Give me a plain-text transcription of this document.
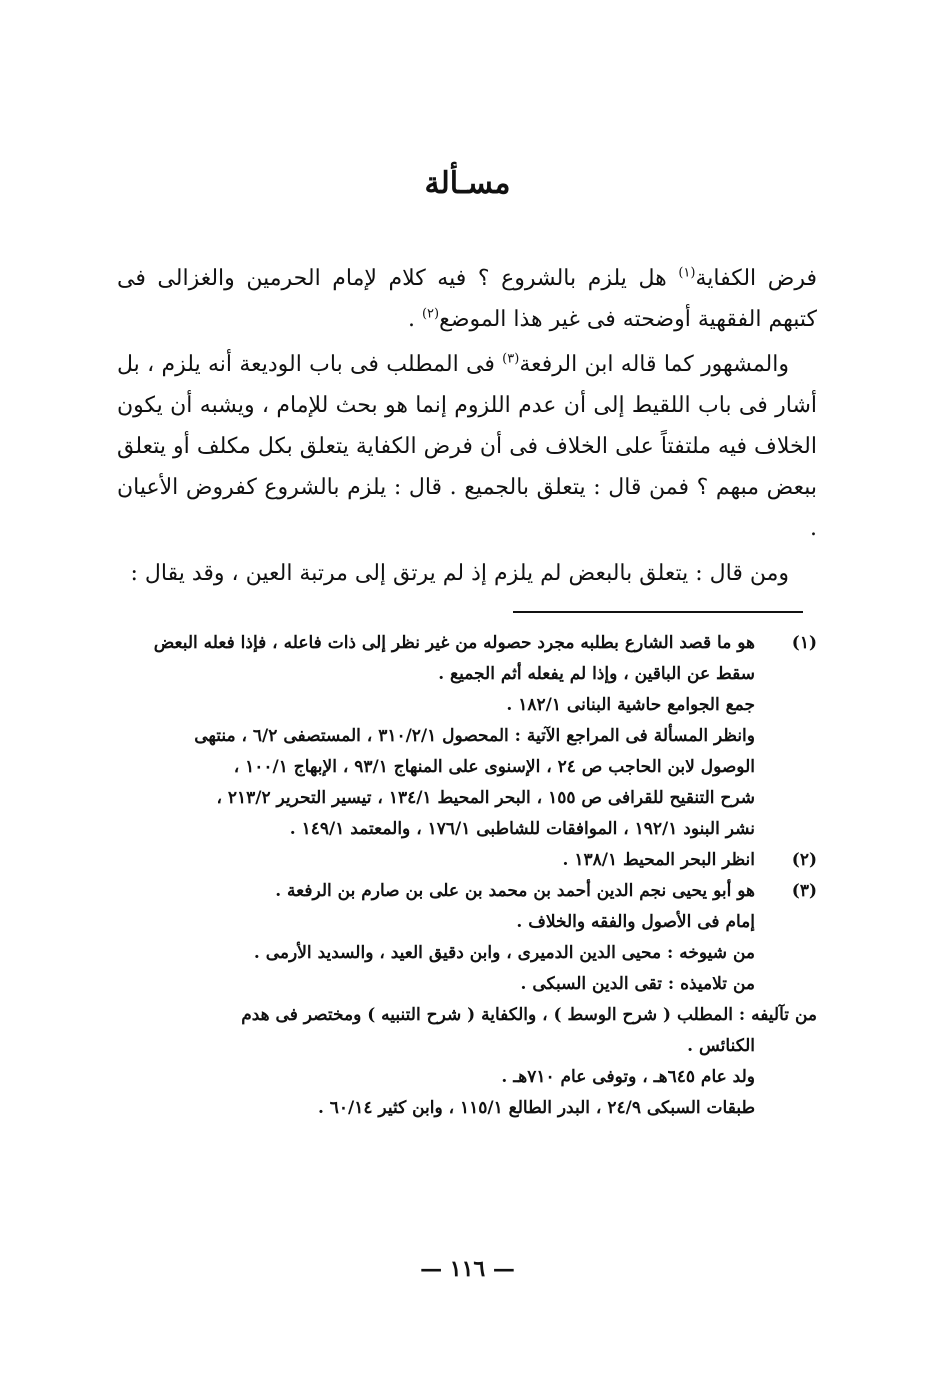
مسـألة

فرض الكفاية$^{(١)}$ هل يلزم بالشروع ؟ فيه كلام لإمام الحرمين والغزالى فى كتبهم الفقهية أوضحته فى غير هذا الموضع$^{(٢)}$ .

والمشهور كما قاله ابن الرفعة$^{(٣)}$ فى المطلب فى باب الوديعة أنه يلزم ، بل أشار فى باب اللقيط إلى أن عدم اللزوم إنما هو بحث للإمام ، ويشبه أن يكون الخلاف فيه ملتفتاً على الخلاف فى أن فرض الكفاية يتعلق بكل مكلف أو يتعلق ببعض مبهم ؟ فمن قال : يتعلق بالجميع . قال : يلزم بالشروع كفروض الأعيان .

ومن قال : يتعلق بالبعض لم يلزم إذ لم يرتق إلى مرتبة العين ، وقد يقال :

(١)
هو ما قصد الشارع بطلبه مجرد حصوله من غير نظر إلى ذات فاعله ، فإذا فعله البعض
سقط عن الباقين ، وإذا لم يفعله أثم الجميع .
جمع الجوامع حاشية البنانى ١٨٢/١ .
وانظر المسألة فى المراجع الآتية : المحصول ٣١٠/٢/١ ، المستصفى ٦/٢ ، منتهى
الوصول لابن الحاجب ص ٢٤ ، الإسنوى على المنهاج ٩٣/١ ، الإبهاج ١٠٠/١ ،
شرح التنقيح للقرافى ص ١٥٥ ، البحر المحيط ١٣٤/١ ، تيسير التحرير ٢١٣/٢ ،
نشر البنود ١٩٢/١ ، الموافقات للشاطبى ١٧٦/١ ، والمعتمد ١٤٩/١ .
(٢)
انظر البحر المحيط ١٣٨/١ .
(٣)
هو أبو يحيى نجم الدين أحمد بن محمد بن على بن صارم بن الرفعة .
إمام فى الأصول والفقه والخلاف .
من شيوخه : محيى الدين الدميرى ، وابن دقيق العيد ، والسديد الأرمى .
من تلاميذه : تقى الدين السبكى .
من تآليفه : المطلب ( شرح الوسط ) ، والكفاية ( شرح التنبيه ) ومختصر فى هدم
الكنائس .
ولد عام ٦٤٥هـ ، وتوفى عام ٧١٠هـ .
طبقات السبكى ٢٤/٩ ، البدر الطالع ١١٥/١ ، وابن كثير ٦٠/١٤ .
— ١١٦ —
